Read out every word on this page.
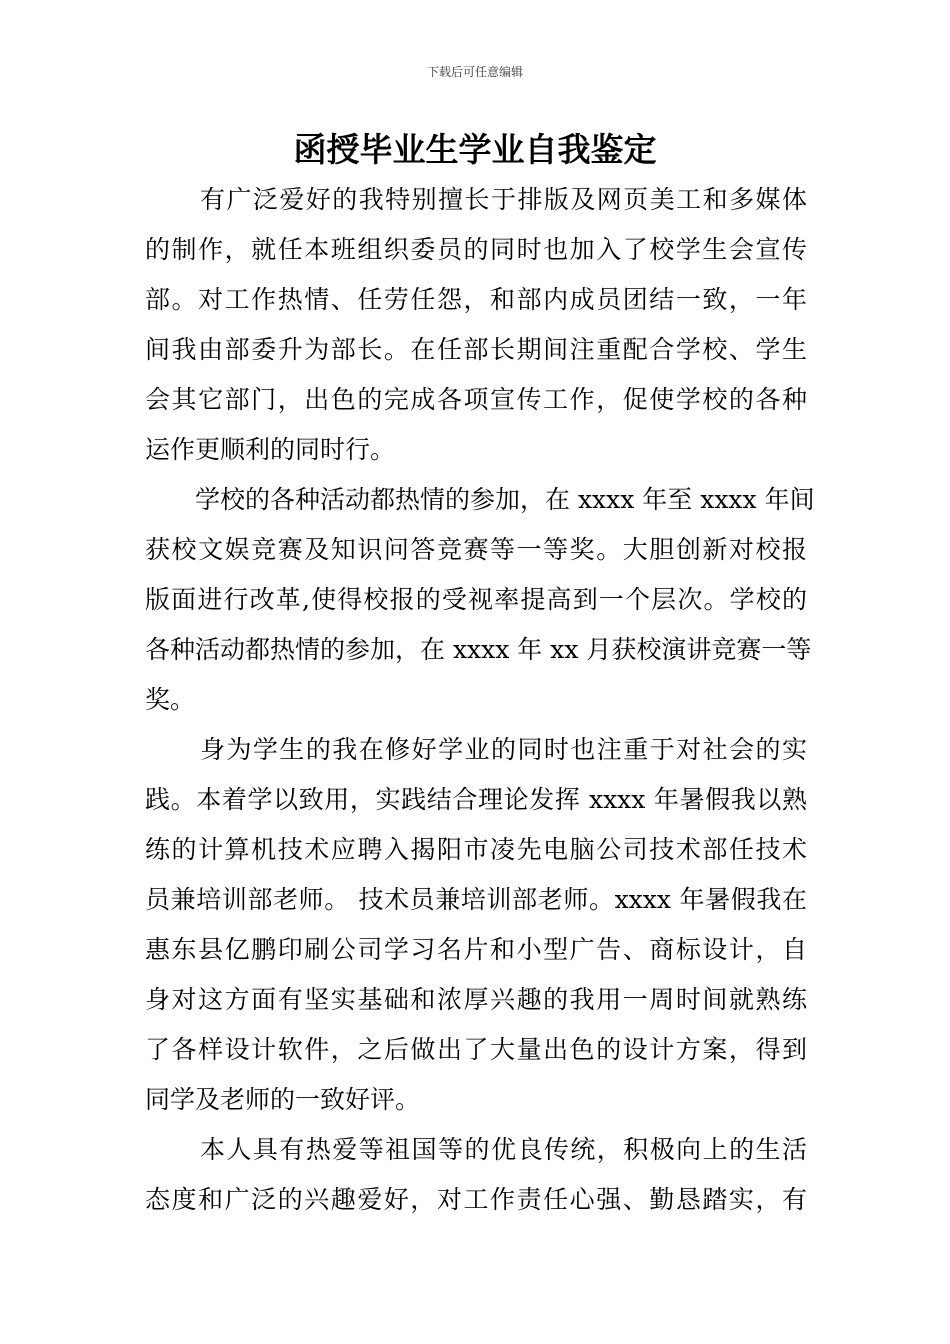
下载后可任意编辑
函授毕业生学业自我鉴定
有广泛爱好的我特别擅长于排版及网页美工和多媒体
的制作，就任本班组织委员的同时也加入了校学生会宣传
部。对工作热情、任劳任怨，和部内成员团结一致，一年
间我由部委升为部长。在任部长期间注重配合学校、学生
会其它部门，出色的完成各项宣传工作，促使学校的各种
运作更顺利的同时行。
学校的各种活动都热情的参加，在 xxxx 年至 xxxx 年间
获校文娱竞赛及知识问答竞赛等一等奖。大胆创新对校报
版面进行改革,使得校报的受视率提高到一个层次。学校的
各种活动都热情的参加，在 xxxx 年 xx 月获校演讲竞赛一等
奖。
身为学生的我在修好学业的同时也注重于对社会的实
践。本着学以致用，实践结合理论发挥 xxxx 年暑假我以熟
练的计算机技术应聘入揭阳市凌先电脑公司技术部任技术
员兼培训部老师。 技术员兼培训部老师。xxxx 年暑假我在
惠东县亿鹏印刷公司学习名片和小型广告、商标设计，自
身对这方面有坚实基础和浓厚兴趣的我用一周时间就熟练
了各样设计软件，之后做出了大量出色的设计方案，得到
同学及老师的一致好评。
本人具有热爱等祖国等的优良传统，积极向上的生活
态度和广泛的兴趣爱好，对工作责任心强、勤恳踏实，有
